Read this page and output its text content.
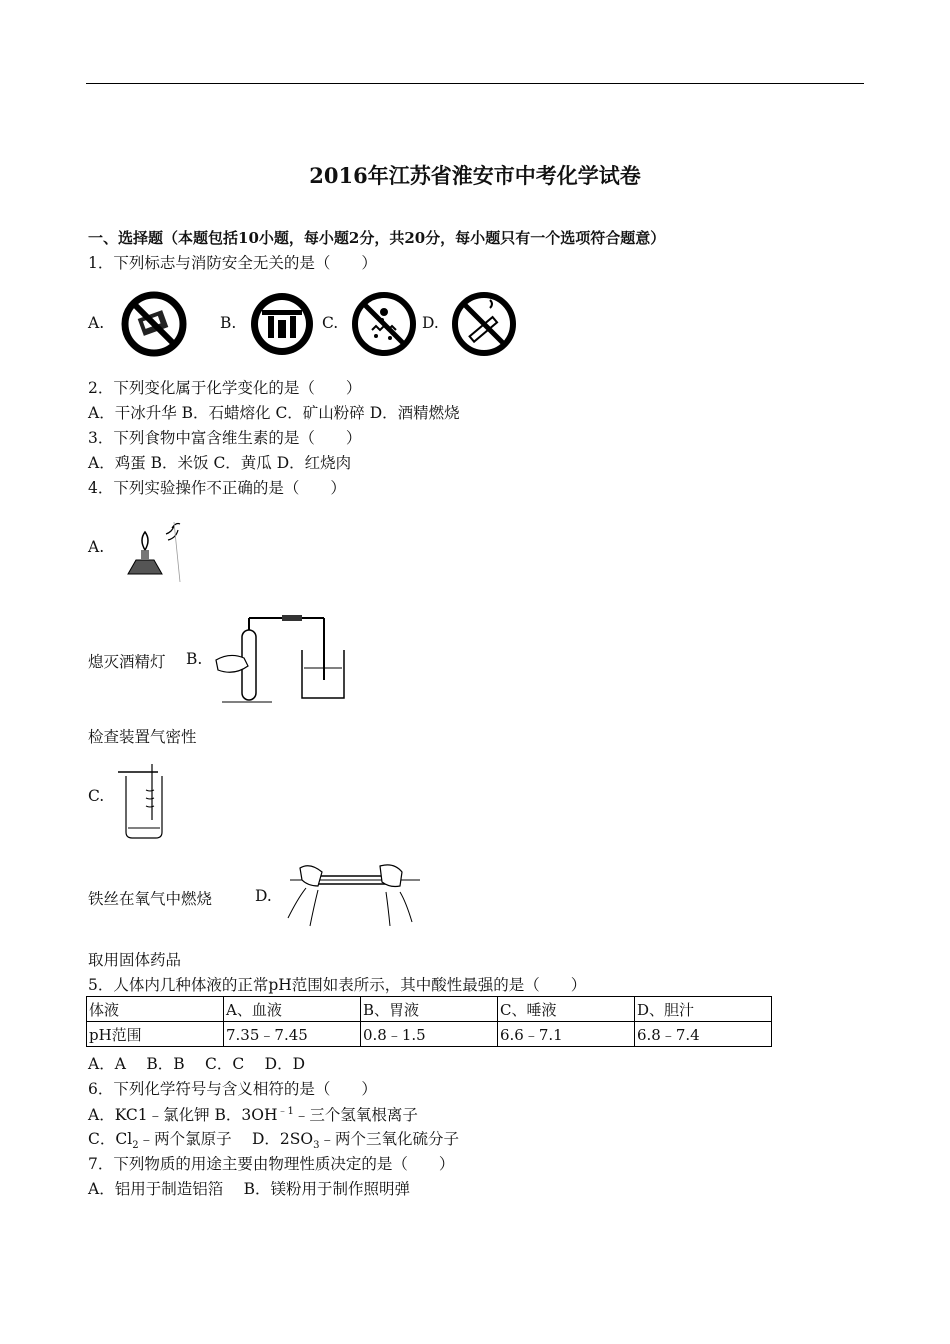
2016年江苏省淮安市中考化学试卷
一、选择题（本题包括10小题，每小题2分，共20分，每小题只有一个选项符合题意）
1．下列标志与消防安全无关的是（　　）
A.	B.	C.	D.
2．下列变化属于化学变化的是（　　）
A．干冰升华 B．石蜡熔化 C．矿山粉碎 D．酒精燃烧
3．下列食物中富含维生素的是（　　）
A．鸡蛋 B．米饭 C．黄瓜 D．红烧肉
4．下列实验操作不正确的是（　　）
A.
熄灭酒精灯 B.
检查装置气密性
C.
铁丝在氧气中燃烧	D.
取用固体药品
5．人体内几种体液的正常pH范围如表所示，其中酸性最强的是（　　）
体液	A、血液	B、胃液	C、唾液	D、胆汁
pH范围	7.35﹣7.45	0.8﹣1.5	6.6﹣7.1	6.8﹣7.4
A．A　 B．B　 C．C　 D．D
6．下列化学符号与含义相符的是（　　）
A．KC1﹣氯化钾 B．$3OH^{﹣1}﹣$三个氢氧根离子
C．$Cl_2﹣$两个氯原子　 D．$2SO_3﹣$两个三氧化硫分子
7．下列物质的用途主要由物理性质决定的是（　　）
A．铝用于制造铝箔　 B．镁粉用于制作照明弹
